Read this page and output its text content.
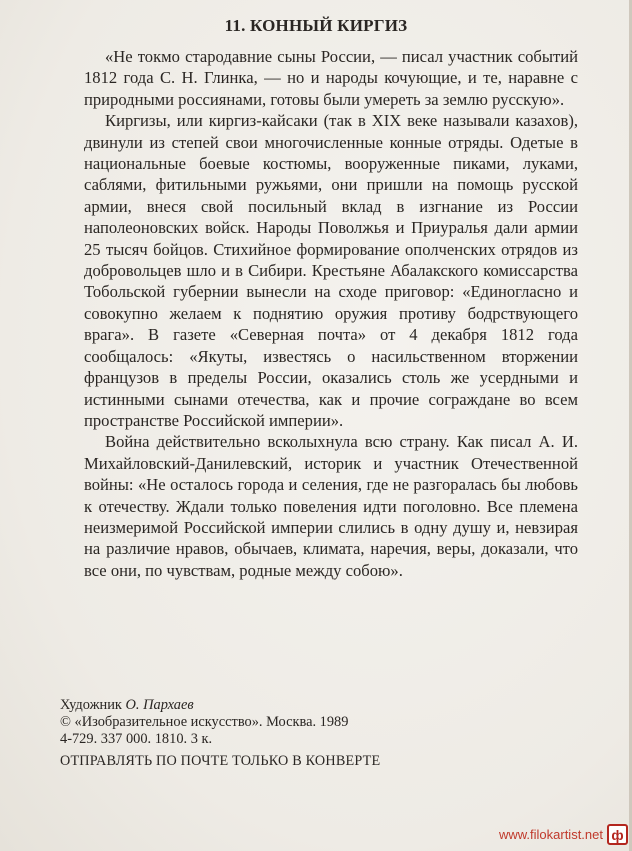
11. КОННЫЙ КИРГИЗ

«Не токмо стародавние сыны России, — писал участник событий 1812 года С. Н. Глинка, — но и народы кочующие, и те, наравне с природными россиянами, готовы были умереть за землю русскую».

Киргизы, или киргиз-кайсаки (так в XIX веке называли казахов), двинули из степей свои многочисленные конные отряды. Одетые в национальные боевые костюмы, вооруженные пиками, луками, саблями, фитильными ружьями, они пришли на помощь русской армии, внеся свой посильный вклад в изгнание из России наполеоновских войск. Народы Поволжья и Приуралья дали армии 25 тысяч бойцов. Стихийное формирование ополченских отрядов из добровольцев шло и в Сибири. Крестьяне Абалакского комиссарства Тобольской губернии вынесли на сходе приговор: «Единогласно и совокупно желаем к поднятию оружия противу бодрствующего врага». В газете «Северная почта» от 4 декабря 1812 года сообщалось: «Якуты, известясь о насильственном вторжении французов в пределы России, оказались столь же усердными и истинными сынами отечества, как и прочие сограждане во всем пространстве Российской империи».

Война действительно всколыхнула всю страну. Как писал А. И. Михайловский-Данилевский, историк и участник Отечественной войны: «Не осталось города и селения, где не разгоралась бы любовь к отечеству. Ждали только повеления идти поголовно. Все племена неизмеримой Российской империи слились в одну душу и, невзирая на различие нравов, обычаев, климата, наречия, веры, доказали, что все они, по чувствам, родные между собою».

Художник О. Пархаев
© «Изобразительное искусство». Москва. 1989
4-729. 337 000. 1810. 3 к.
ОТПРАВЛЯТЬ ПО ПОЧТЕ ТОЛЬКО В КОНВЕРТЕ
www.filokartist.net ф
